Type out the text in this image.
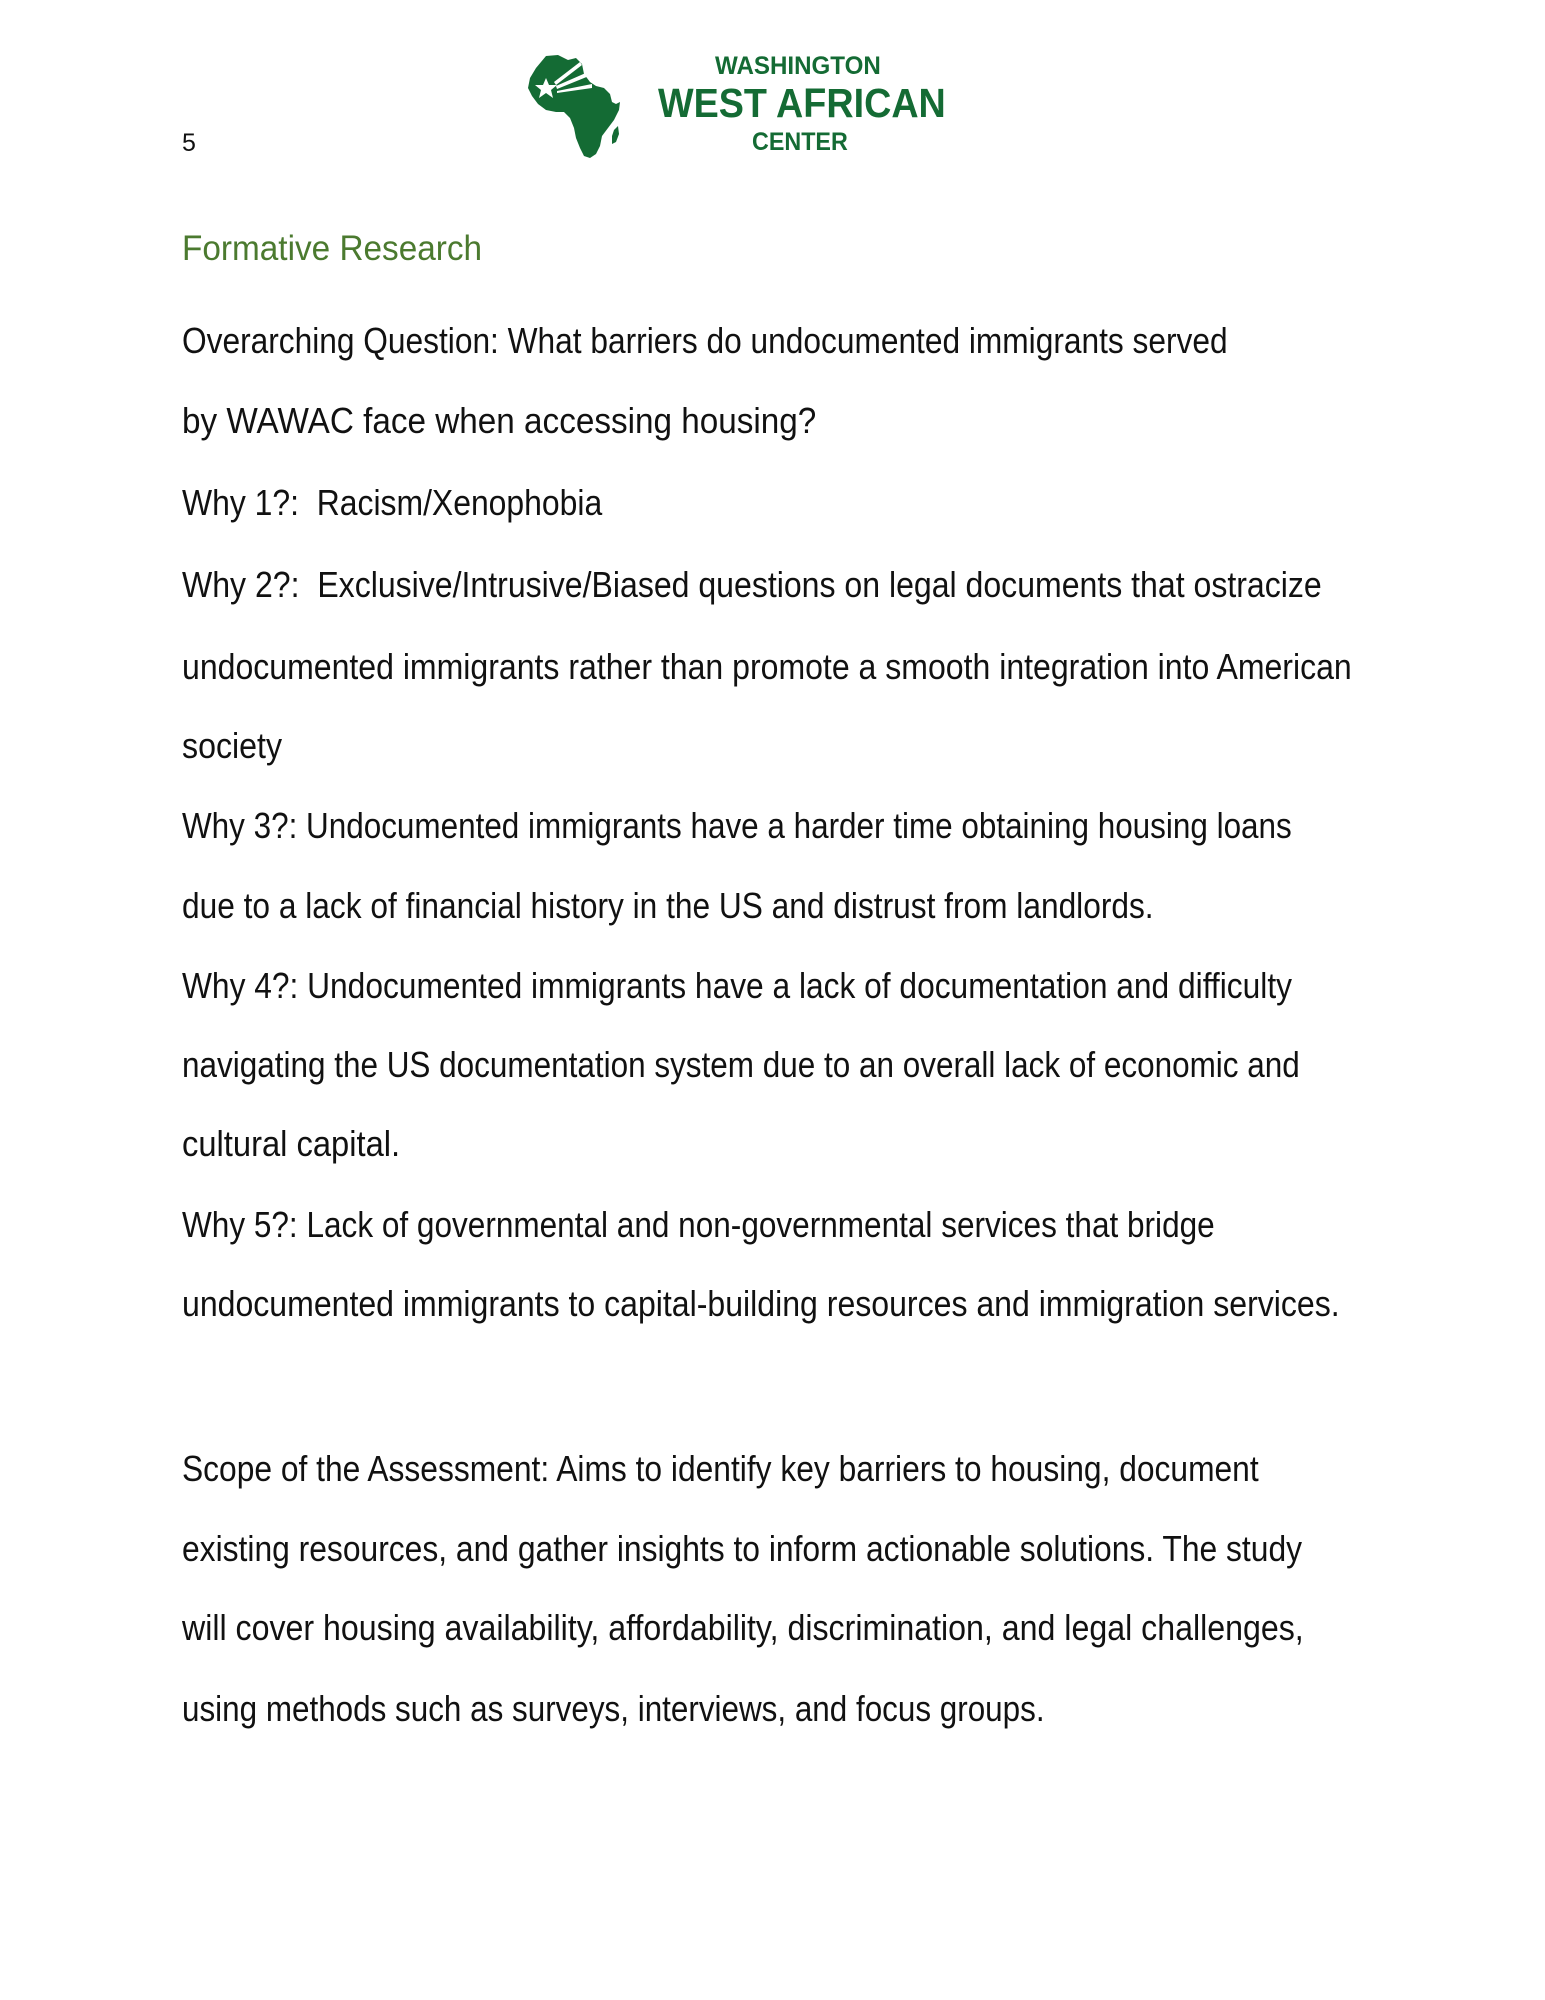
5
WASHINGTON
WEST AFRICAN
CENTER
Formative Research
Overarching Question: What barriers do undocumented immigrants served
by WAWAC face when accessing housing?
Why 1?:  Racism/Xenophobia
Why 2?:  Exclusive/Intrusive/Biased questions on legal documents that ostracize
undocumented immigrants rather than promote a smooth integration into American
society
Why 3?: Undocumented immigrants have a harder time obtaining housing loans
due to a lack of financial history in the US and distrust from landlords.
Why 4?: Undocumented immigrants have a lack of documentation and difficulty
navigating the US documentation system due to an overall lack of economic and
cultural capital.
Why 5?: Lack of governmental and non-governmental services that bridge
undocumented immigrants to capital-building resources and immigration services.
Scope of the Assessment: Aims to identify key barriers to housing, document
existing resources, and gather insights to inform actionable solutions. The study
will cover housing availability, affordability, discrimination, and legal challenges,
using methods such as surveys, interviews, and focus groups.
